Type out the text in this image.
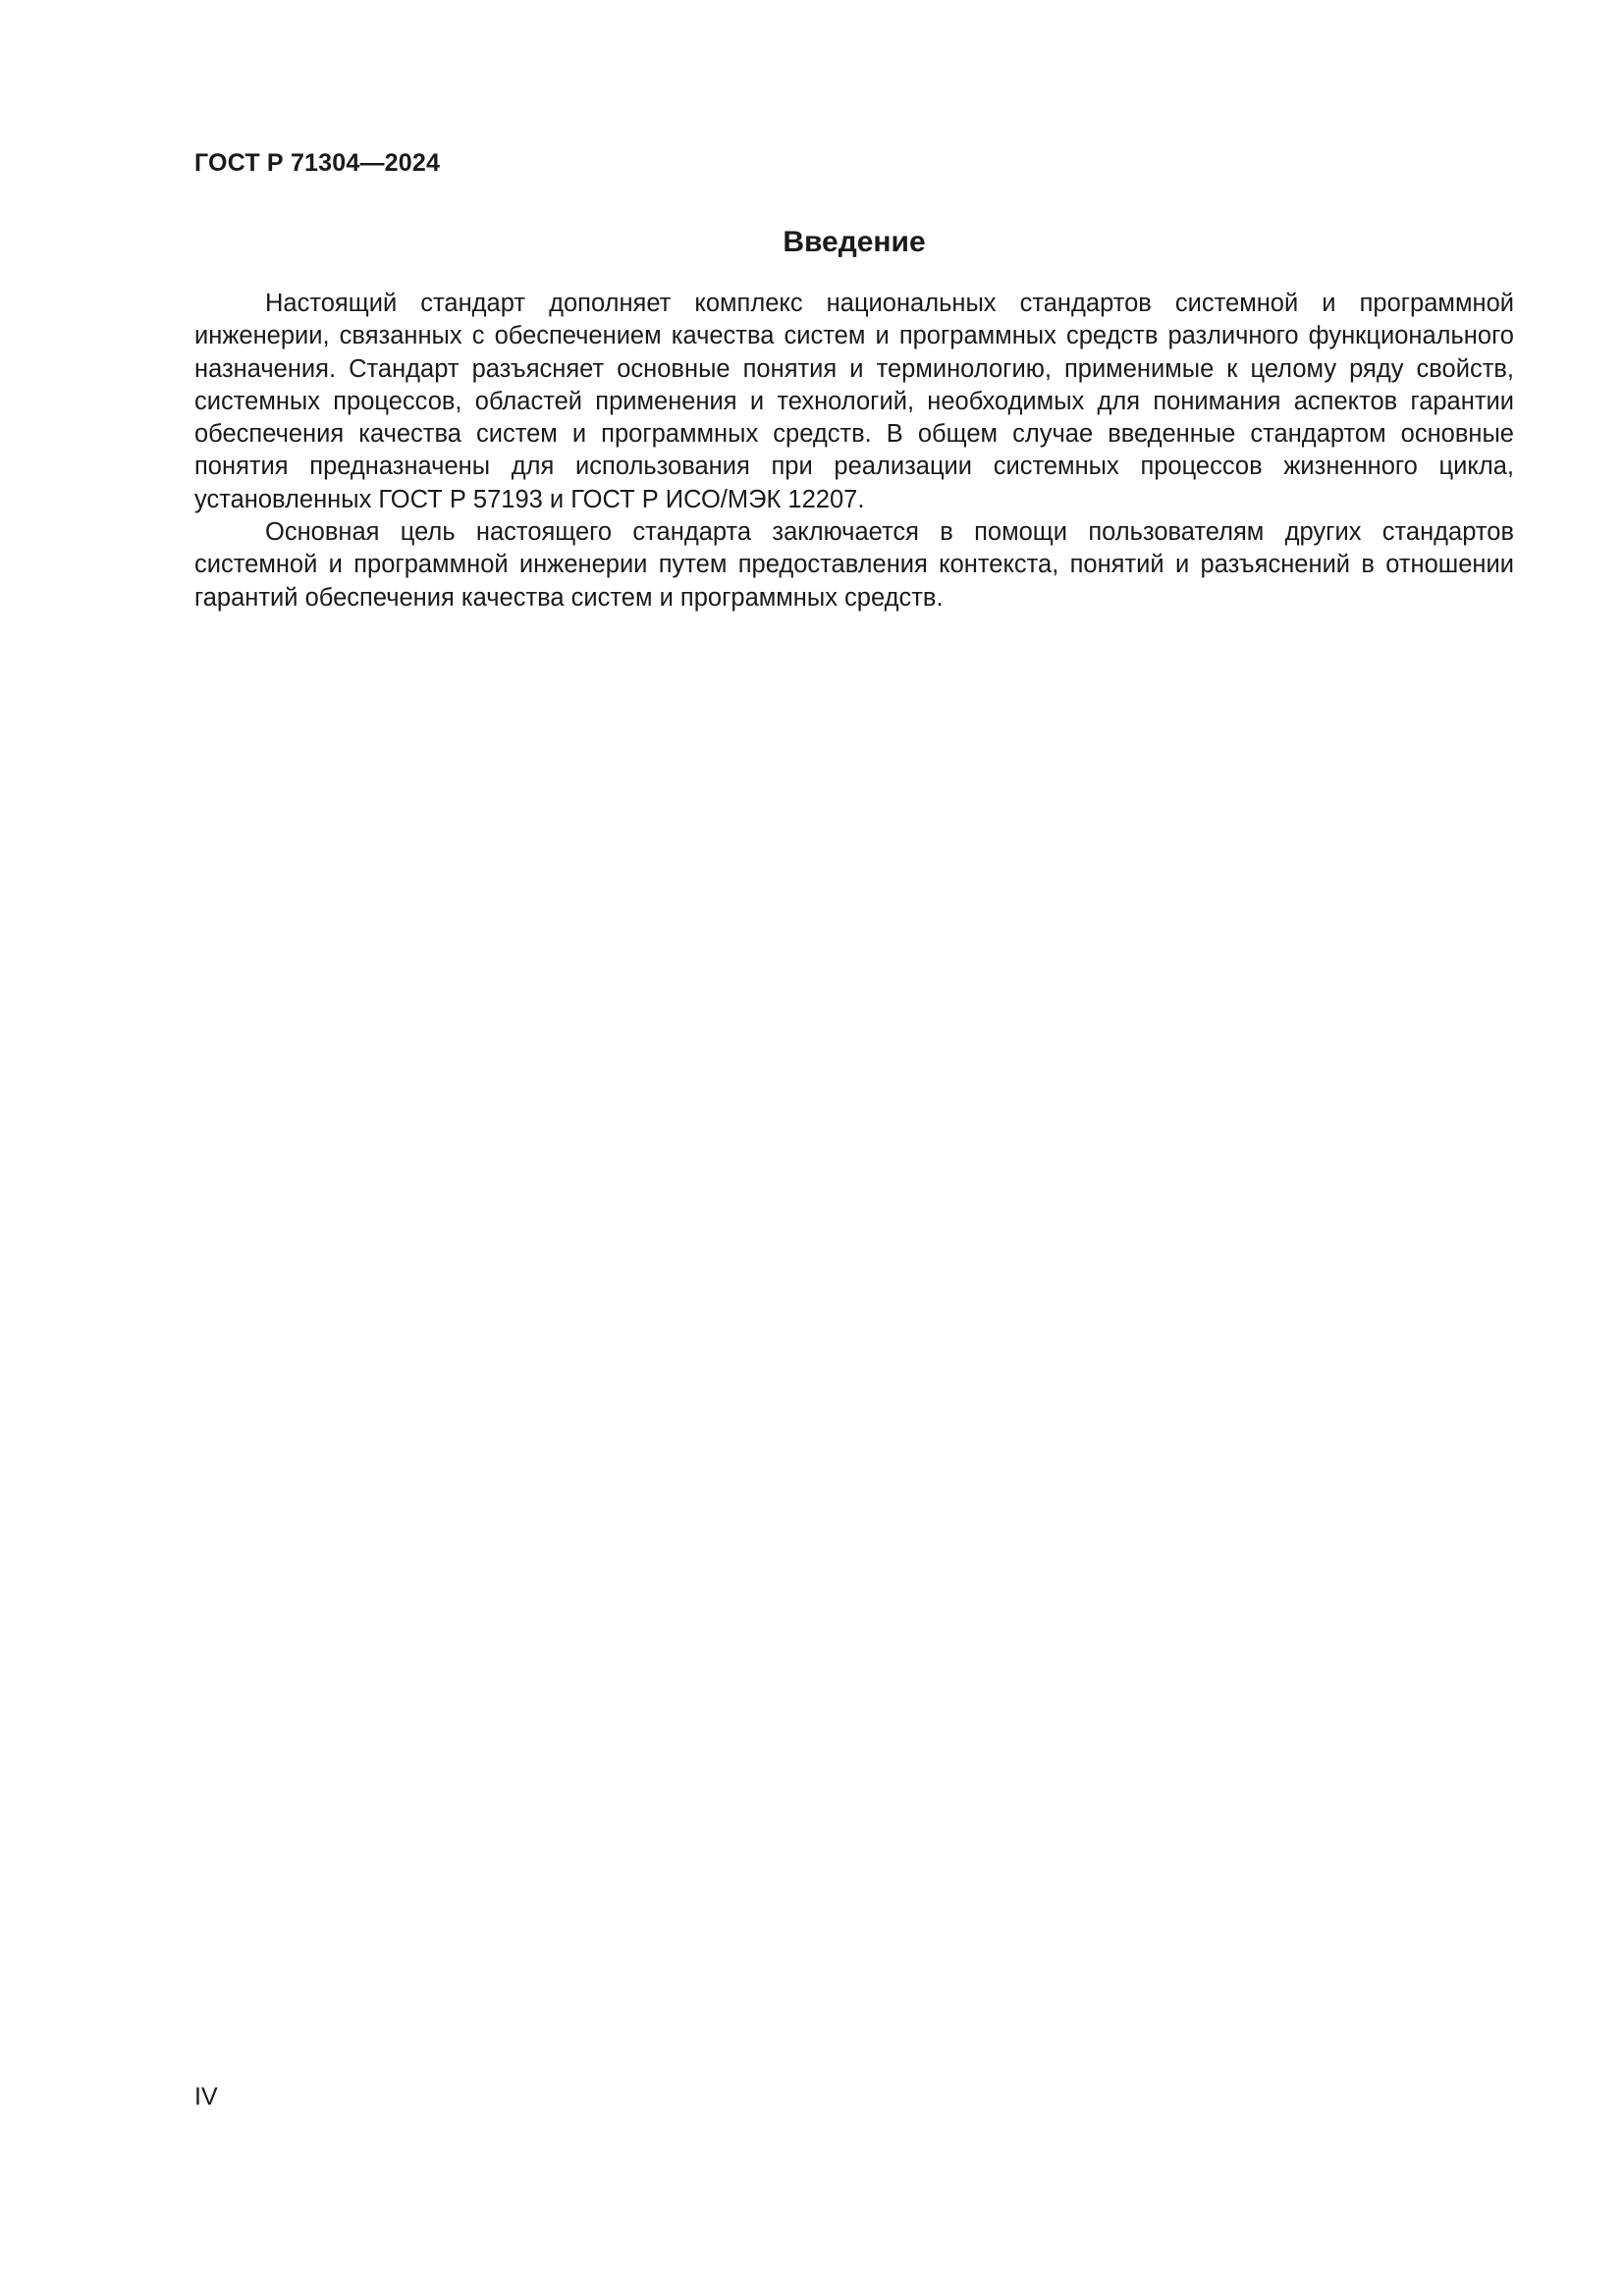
ГОСТ Р 71304—2024
Введение

Настоящий стандарт дополняет комплекс национальных стандартов системной и программной инженерии, связанных с обеспечением качества систем и программных средств различного функционального назначения. Стандарт разъясняет основные понятия и терминологию, применимые к целому ряду свойств, системных процессов, областей применения и технологий, необходимых для понимания аспектов гарантии обеспечения качества систем и программных средств. В общем случае введенные стандартом основные понятия предназначены для использования при реализации системных процессов жизненного цикла, установленных ГОСТ Р 57193 и ГОСТ Р ИСО/МЭК 12207.

Основная цель настоящего стандарта заключается в помощи пользователям других стандартов системной и программной инженерии путем предоставления контекста, понятий и разъяснений в отношении гарантий обеспечения качества систем и программных средств.

IV
